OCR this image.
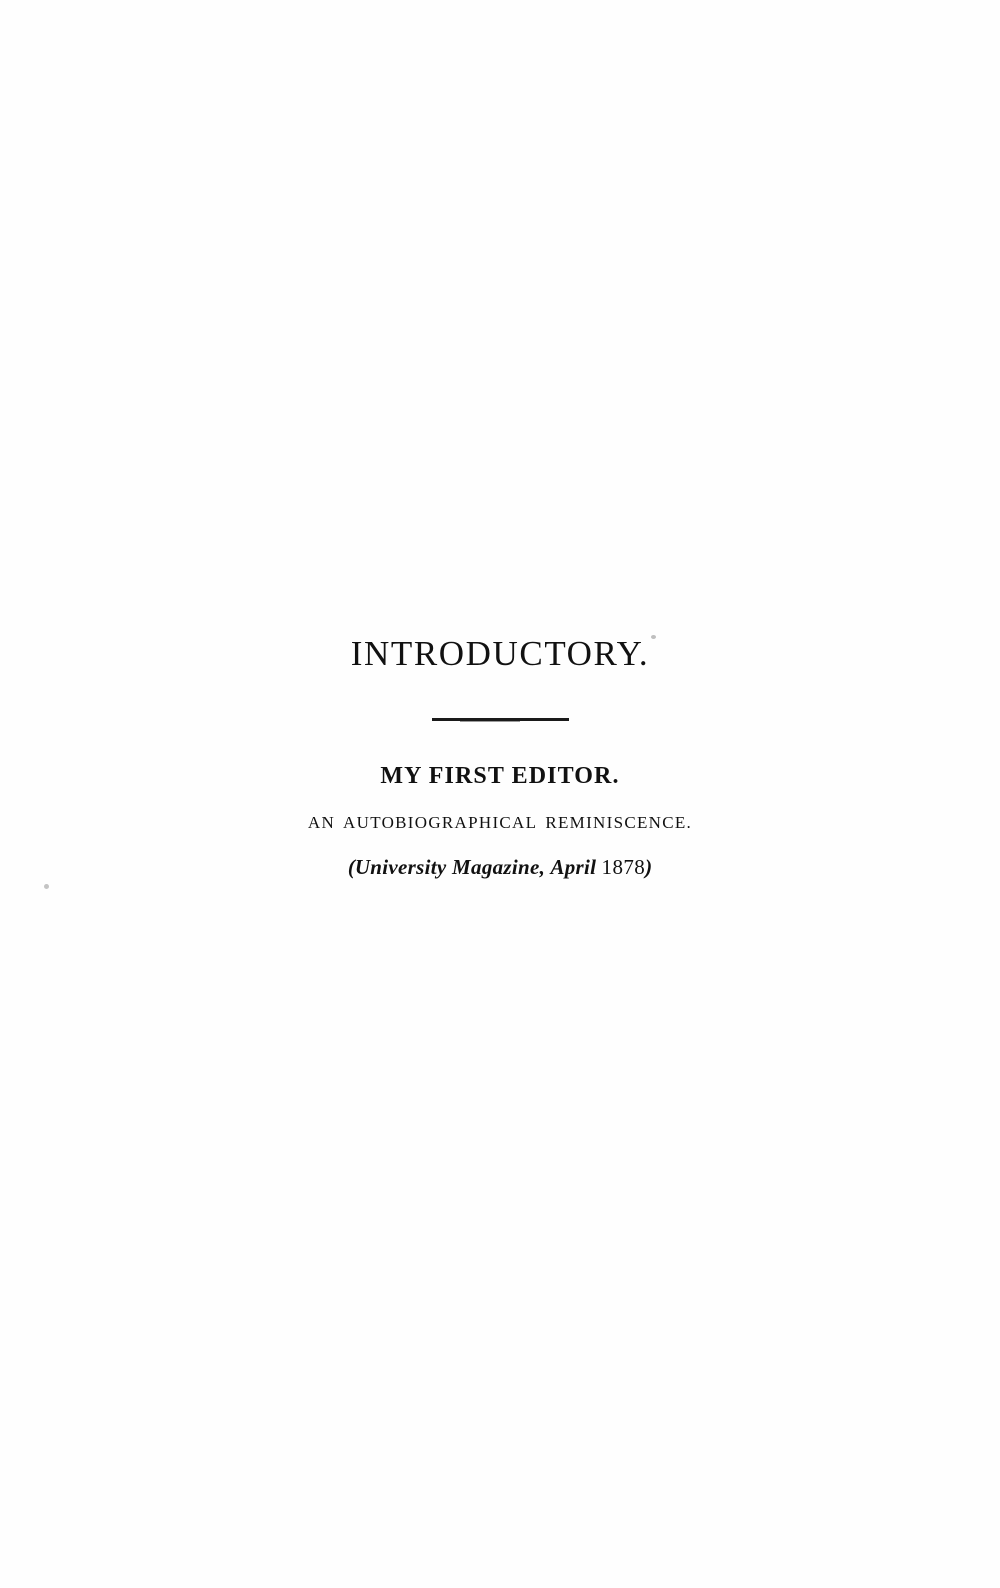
INTRODUCTORY.
MY FIRST EDITOR.
AN AUTOBIOGRAPHICAL REMINISCENCE.
(University Magazine, April 1878)
